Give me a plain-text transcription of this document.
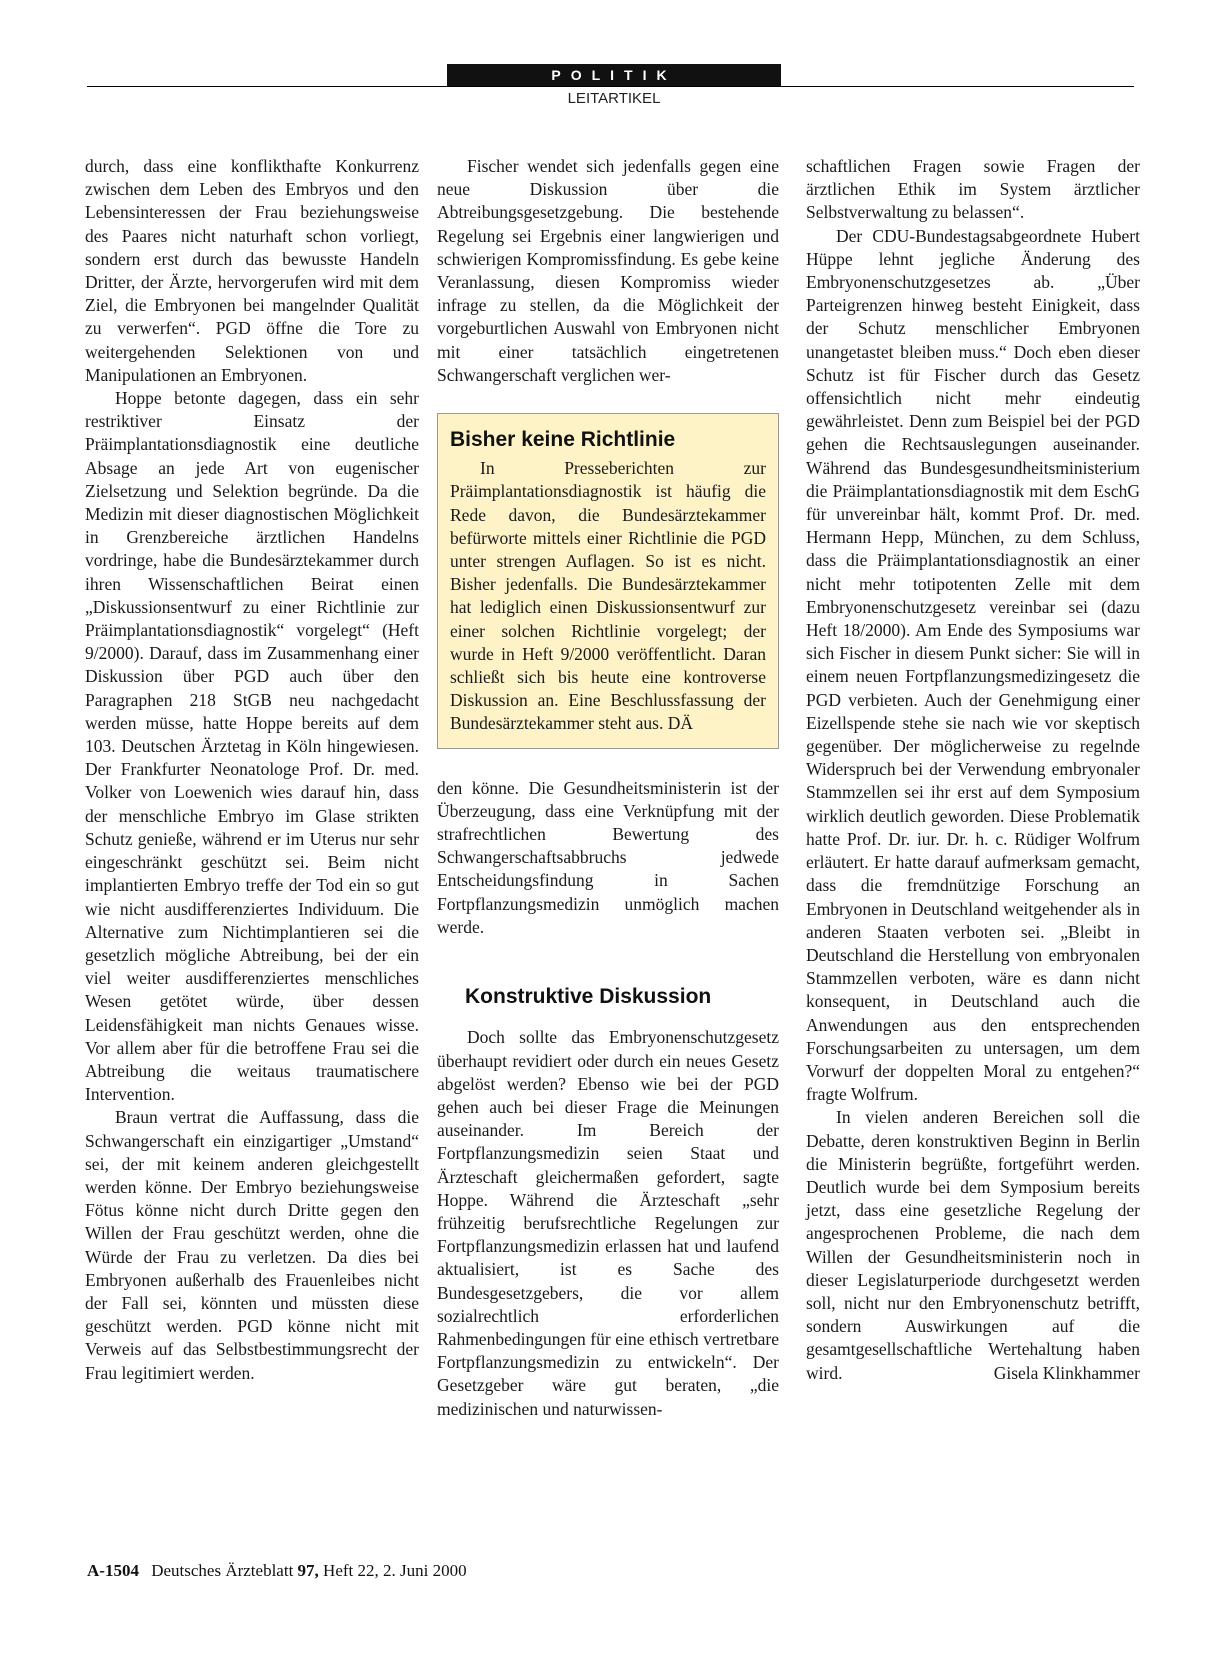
POLITIK
LEITARTIKEL

durch, dass eine konflikthafte Konkurrenz zwischen dem Leben des Embryos und den Lebensinteressen der Frau beziehungsweise des Paares nicht naturhaft schon vorliegt, sondern erst durch das bewusste Handeln Dritter, der Ärzte, hervorgerufen wird mit dem Ziel, die Embryonen bei mangelnder Qualität zu verwerfen“. PGD öffne die Tore zu weitergehenden Selektionen von und Manipulationen an Embryonen.

Hoppe betonte dagegen, dass ein sehr restriktiver Einsatz der Präimplantationsdiagnostik eine deutliche Absage an jede Art von eugenischer Zielsetzung und Selektion begründe. Da die Medizin mit dieser diagnostischen Möglichkeit in Grenzbereiche ärztlichen Handelns vordringe, habe die Bundesärztekammer durch ihren Wissenschaftlichen Beirat einen „Diskussionsentwurf zu einer Richtlinie zur Präimplantationsdiagnostik“ vorgelegt“ (Heft 9/2000). Darauf, dass im Zusammenhang einer Diskussion über PGD auch über den Paragraphen 218 StGB neu nachgedacht werden müsse, hatte Hoppe bereits auf dem 103. Deutschen Ärztetag in Köln hingewiesen. Der Frankfurter Neonatologe Prof. Dr. med. Volker von Loewenich wies darauf hin, dass der menschliche Embryo im Glase strikten Schutz genieße, während er im Uterus nur sehr eingeschränkt geschützt sei. Beim nicht implantierten Embryo treffe der Tod ein so gut wie nicht ausdifferenziertes Individuum. Die Alternative zum Nichtimplantieren sei die gesetzlich mögliche Abtreibung, bei der ein viel weiter ausdifferenziertes menschliches Wesen getötet würde, über dessen Leidensfähigkeit man nichts Genaues wisse. Vor allem aber für die betroffene Frau sei die Abtreibung die weitaus traumatischere Intervention.

Braun vertrat die Auffassung, dass die Schwangerschaft ein einzigartiger „Umstand“ sei, der mit keinem anderen gleichgestellt werden könne. Der Embryo beziehungsweise Fötus könne nicht durch Dritte gegen den Willen der Frau geschützt werden, ohne die Würde der Frau zu verletzen. Da dies bei Embryonen außerhalb des Frauenleibes nicht der Fall sei, könnten und müssten diese geschützt werden. PGD könne nicht mit Verweis auf das Selbstbestimmungsrecht der Frau legitimiert werden.

Fischer wendet sich jedenfalls gegen eine neue Diskussion über die Abtreibungsgesetzgebung. Die bestehende Regelung sei Ergebnis einer langwierigen und schwierigen Kompromissfindung. Es gebe keine Veranlassung, diesen Kompromiss wieder infrage zu stellen, da die Möglichkeit der vorgeburtlichen Auswahl von Embryonen nicht mit einer tatsächlich eingetretenen Schwangerschaft verglichen wer-

Bisher keine Richtlinie

In Presseberichten zur Präimplantationsdiagnostik ist häufig die Rede davon, die Bundesärztekammer befürworte mittels einer Richtlinie die PGD unter strengen Auflagen. So ist es nicht. Bisher jedenfalls. Die Bundesärztekammer hat lediglich einen Diskussionsentwurf zur einer solchen Richtlinie vorgelegt; der wurde in Heft 9/2000 veröffentlicht. Daran schließt sich bis heute eine kontroverse Diskussion an. Eine Beschlussfassung der Bundesärztekammer steht aus. DÄ

den könne. Die Gesundheitsministerin ist der Überzeugung, dass eine Verknüpfung mit der strafrechtlichen Bewertung des Schwangerschaftsabbruchs jedwede Entscheidungsfindung in Sachen Fortpflanzungsmedizin unmöglich machen werde.

Konstruktive Diskussion

Doch sollte das Embryonenschutzgesetz überhaupt revidiert oder durch ein neues Gesetz abgelöst werden? Ebenso wie bei der PGD gehen auch bei dieser Frage die Meinungen auseinander. Im Bereich der Fortpflanzungsmedizin seien Staat und Ärzteschaft gleichermaßen gefordert, sagte Hoppe. Während die Ärzteschaft „sehr frühzeitig berufsrechtliche Regelungen zur Fortpflanzungsmedizin erlassen hat und laufend aktualisiert, ist es Sache des Bundesgesetzgebers, die vor allem sozialrechtlich erforderlichen Rahmenbedingungen für eine ethisch vertretbare Fortpflanzungsmedizin zu entwickeln“. Der Gesetzgeber wäre gut beraten, „die medizinischen und naturwissen-

schaftlichen Fragen sowie Fragen der ärztlichen Ethik im System ärztlicher Selbstverwaltung zu belassen“.

Der CDU-Bundestagsabgeordnete Hubert Hüppe lehnt jegliche Änderung des Embryonenschutzgesetzes ab. „Über Parteigrenzen hinweg besteht Einigkeit, dass der Schutz menschlicher Embryonen unangetastet bleiben muss.“ Doch eben dieser Schutz ist für Fischer durch das Gesetz offensichtlich nicht mehr eindeutig gewährleistet. Denn zum Beispiel bei der PGD gehen die Rechtsauslegungen auseinander. Während das Bundesgesundheitsministerium die Präimplantationsdiagnostik mit dem EschG für unvereinbar hält, kommt Prof. Dr. med. Hermann Hepp, München, zu dem Schluss, dass die Präimplantationsdiagnostik an einer nicht mehr totipotenten Zelle mit dem Embryonenschutzgesetz vereinbar sei (dazu Heft 18/2000). Am Ende des Symposiums war sich Fischer in diesem Punkt sicher: Sie will in einem neuen Fortpflanzungsmedizingesetz die PGD verbieten. Auch der Genehmigung einer Eizellspende stehe sie nach wie vor skeptisch gegenüber. Der möglicherweise zu regelnde Widerspruch bei der Verwendung embryonaler Stammzellen sei ihr erst auf dem Symposium wirklich deutlich geworden. Diese Problematik hatte Prof. Dr. iur. Dr. h. c. Rüdiger Wolfrum erläutert. Er hatte darauf aufmerksam gemacht, dass die fremdnützige Forschung an Embryonen in Deutschland weitgehender als in anderen Staaten verboten sei. „Bleibt in Deutschland die Herstellung von embryonalen Stammzellen verboten, wäre es dann nicht konsequent, in Deutschland auch die Anwendungen aus den entsprechenden Forschungsarbeiten zu untersagen, um dem Vorwurf der doppelten Moral zu entgehen?“ fragte Wolfrum.

In vielen anderen Bereichen soll die Debatte, deren konstruktiven Beginn in Berlin die Ministerin begrüßte, fortgeführt werden. Deutlich wurde bei dem Symposium bereits jetzt, dass eine gesetzliche Regelung der angesprochenen Probleme, die nach dem Willen der Gesundheitsministerin noch in dieser Legislaturperiode durchgesetzt werden soll, nicht nur den Embryonenschutz betrifft, sondern Auswirkungen auf die gesamtgesellschaftliche Wertehaltung haben wird.	Gisela Klinkhammer

A-1504 Deutsches Ärzteblatt 97, Heft 22, 2. Juni 2000
